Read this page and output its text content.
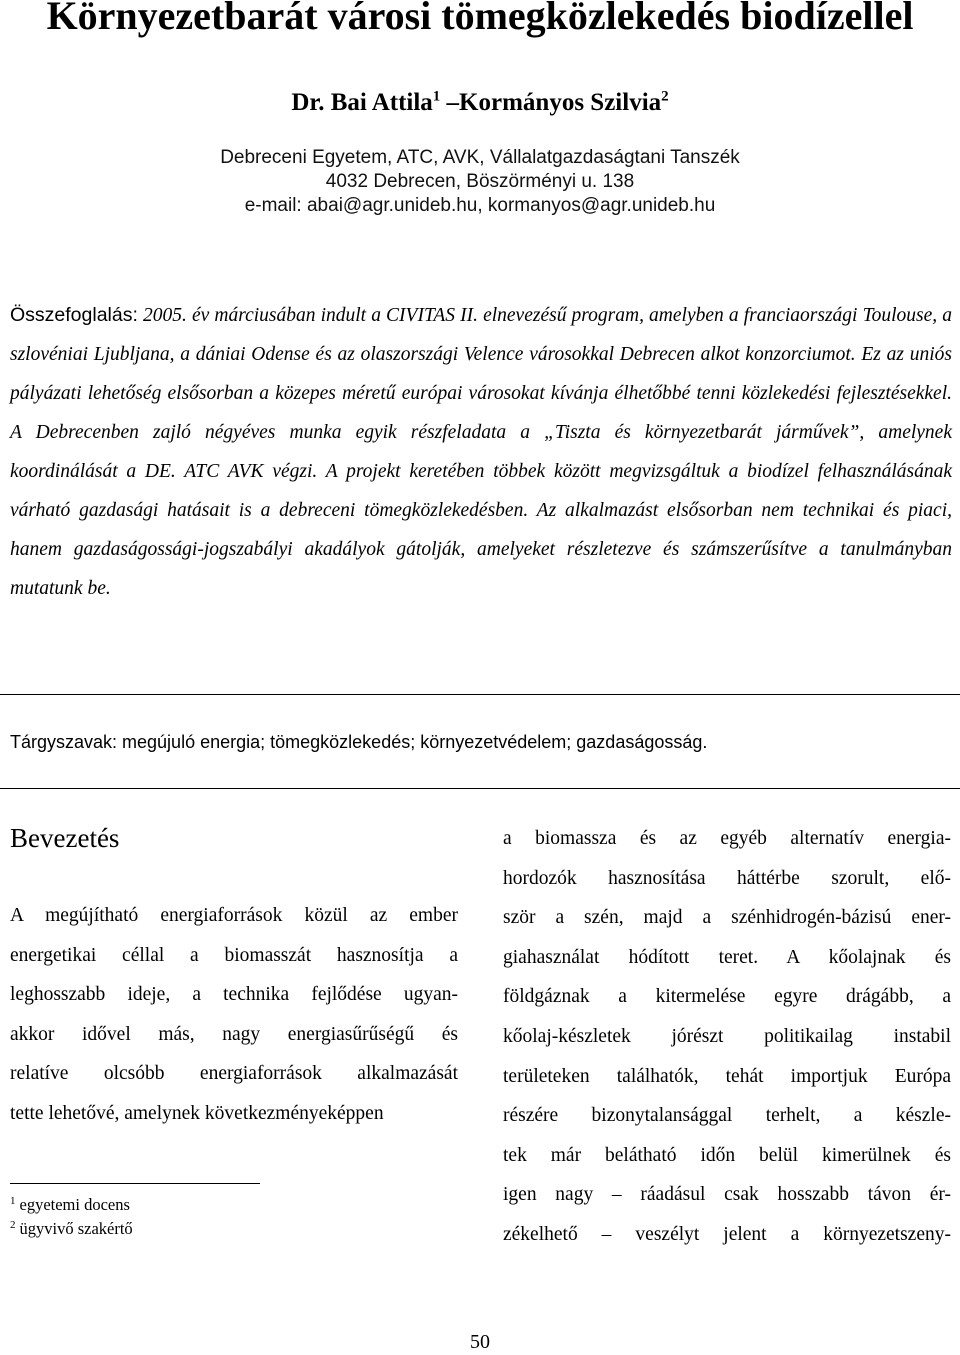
Környezetbarát városi tömegközlekedés biodízellel
Dr. Bai Attila$^1$ –Kormányos Szilvia$^2$
Debreceni Egyetem, ATC, AVK, Vállalatgazdaságtani Tanszék
4032 Debrecen, Böszörményi u. 138
e-mail: abai@agr.unideb.hu, kormanyos@agr.unideb.hu

Összefoglalás: 2005. év márciusában indult a CIVITAS II. elnevezésű program, amelyben a franciaországi Toulouse, a szlovéniai Ljubljana, a dániai Odense és az olaszországi Velence városokkal Debrecen alkot konzorciumot. Ez az uniós pályázati lehetőség elsősorban a közepes méretű európai városokat kívánja élhetőbbé tenni közlekedési fejlesztésekkel. A Debrecenben zajló négyéves munka egyik részfeladata a „Tiszta és környezetbarát járművek”, amelynek koordinálását a DE. ATC AVK végzi. A projekt keretében többek között megvizsgáltuk a biodízel felhasználásának várható gazdasági hatásait is a debreceni tömegközlekedésben. Az alkalmazást elsősorban nem technikai és piaci, hanem gazdaságossági-jogszabályi akadályok gátolják, amelyeket részletezve és számszerűsítve a tanulmányban mutatunk be.

Tárgyszavak: megújuló energia; tömegközlekedés; környezetvédelem; gazdaságosság.
Bevezetés
A megújítható energiaforrások közül az ember
energetikai céllal a biomasszát hasznosítja a
leghosszabb ideje, a technika fejlődése ugyan-
akkor idővel más, nagy energiasűrűségű és
relatíve olcsóbb energiaforrások alkalmazását
tette lehetővé, amelynek következményeképpen
a biomassza és az egyéb alternatív energia-
hordozók hasznosítása háttérbe szorult, elő-
ször a szén, majd a szénhidrogén-bázisú ener-
giahasználat hódított teret. A kőolajnak és
földgáznak a kitermelése egyre drágább, a
kőolaj-készletek jórészt politikailag instabil
területeken találhatók, tehát importjuk Európa
részére bizonytalansággal terhelt, a készle-
tek már belátható időn belül kimerülnek és
igen nagy – ráadásul csak hosszabb távon ér-
zékelhető – veszélyt jelent a környezetszeny-
$^1$ egyetemi docens
$^2$ ügyvivő szakértő
50
